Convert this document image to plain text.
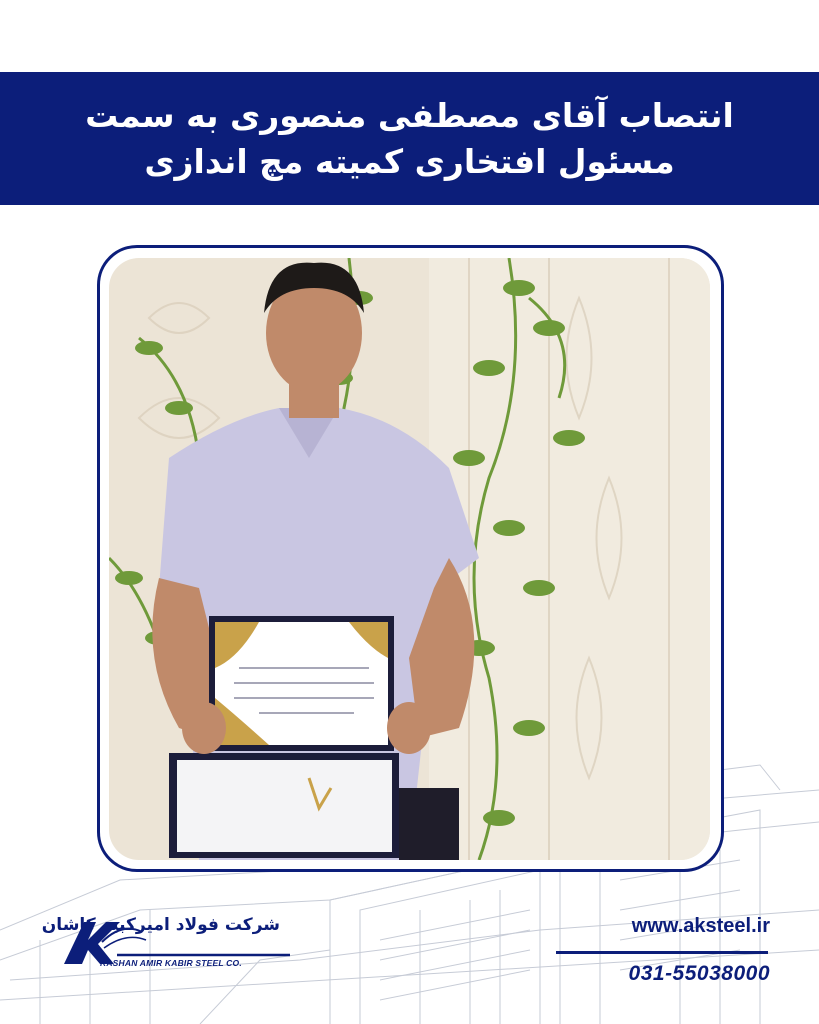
انتصاب آقای مصطفی منصوری به سمت
مسئول افتخاری کمیته مچ اندازی
شرکت فولاد امیرکبیر کاشان
KASHAN AMIR KABIR STEEL CO.
www.aksteel.ir
031-55038000
